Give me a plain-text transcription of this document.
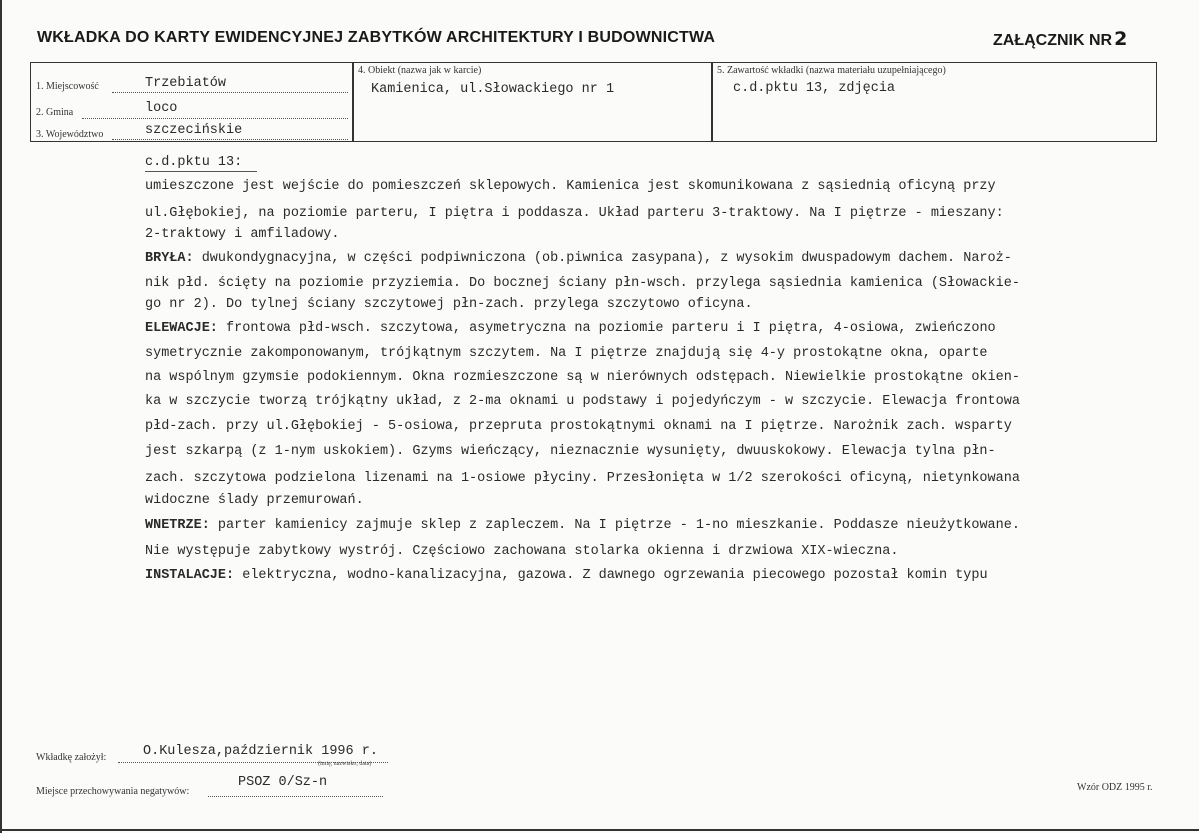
WKŁADKA DO KARTY EWIDENCYJNEJ ZABYTKÓW ARCHITEKTURY I BUDOWNICTWA	ZAŁĄCZNIK NR 2
1. Miejscowość	Trzebiatów
2. Gmina	loco
3. Województwo	szczecińskie
4. Obiekt (nazwa jak w karcie)
Kamienica, ul.Słowackiego nr 1
5. Zawartość wkładki (nazwa materiału uzupełniającego)
c.d.pktu 13, zdjęcia
c.d.pktu 13:
umieszczone jest wejście do pomieszczeń sklepowych. Kamienica jest skomunikowana z sąsiednią oficyną przy
ul.Głębokiej, na poziomie parteru, I piętra i poddasza. Układ parteru 3-traktowy. Na I piętrze - mieszany:
2-traktowy i amfiladowy.
BRYŁA: dwukondygnacyjna, w części podpiwniczona (ob.piwnica zasypana), z wysokim dwuspadowym dachem. Naroż-
nik płd. ścięty na poziomie przyziemia. Do bocznej ściany płn-wsch. przylega sąsiednia kamienica (Słowackie-
go nr 2). Do tylnej ściany szczytowej płn-zach. przylega szczytowo oficyna.
ELEWACJE: frontowa płd-wsch. szczytowa, asymetryczna na poziomie parteru i I piętra, 4-osiowa, zwieńczono
symetrycznie zakomponowanym, trójkątnym szczytem. Na I piętrze znajdują się 4-y prostokątne okna, oparte
na wspólnym gzymsie podokiennym. Okna rozmieszczone są w nierównych odstępach. Niewielkie prostokątne okien-
ka w szczycie tworzą trójkątny układ, z 2-ma oknami u podstawy i pojedyńczym - w szczycie. Elewacja frontowa
płd-zach. przy ul.Głębokiej - 5-osiowa, przepruta prostokątnymi oknami na I piętrze. Narożnik zach. wsparty
jest szkarpą (z 1-nym uskokiem). Gzyms wieńczący, nieznacznie wysunięty, dwuuskokowy. Elewacja tylna płn-
zach. szczytowa podzielona lizenami na 1-osiowe płyciny. Przesłonięta w 1/2 szerokości oficyną, nietynkowana
widoczne ślady przemurowań.
WNETRZE: parter kamienicy zajmuje sklep z zapleczem. Na I piętrze - 1-no mieszkanie. Poddasze nieużytkowane.
Nie występuje zabytkowy wystrój. Częściowo zachowana stolarka okienna i drzwiowa XIX-wieczna.
INSTALACJE: elektryczna, wodno-kanalizacyjna, gazowa. Z dawnego ogrzewania piecowego pozostał komin typu
Wkładkę założył:	O.Kulesza,październik 1996 r.
(imię, nazwisko, data)
Miejsce przechowywania negatywów:
PSOZ 0/Sz-n	Wzór ODZ 1995 r.
